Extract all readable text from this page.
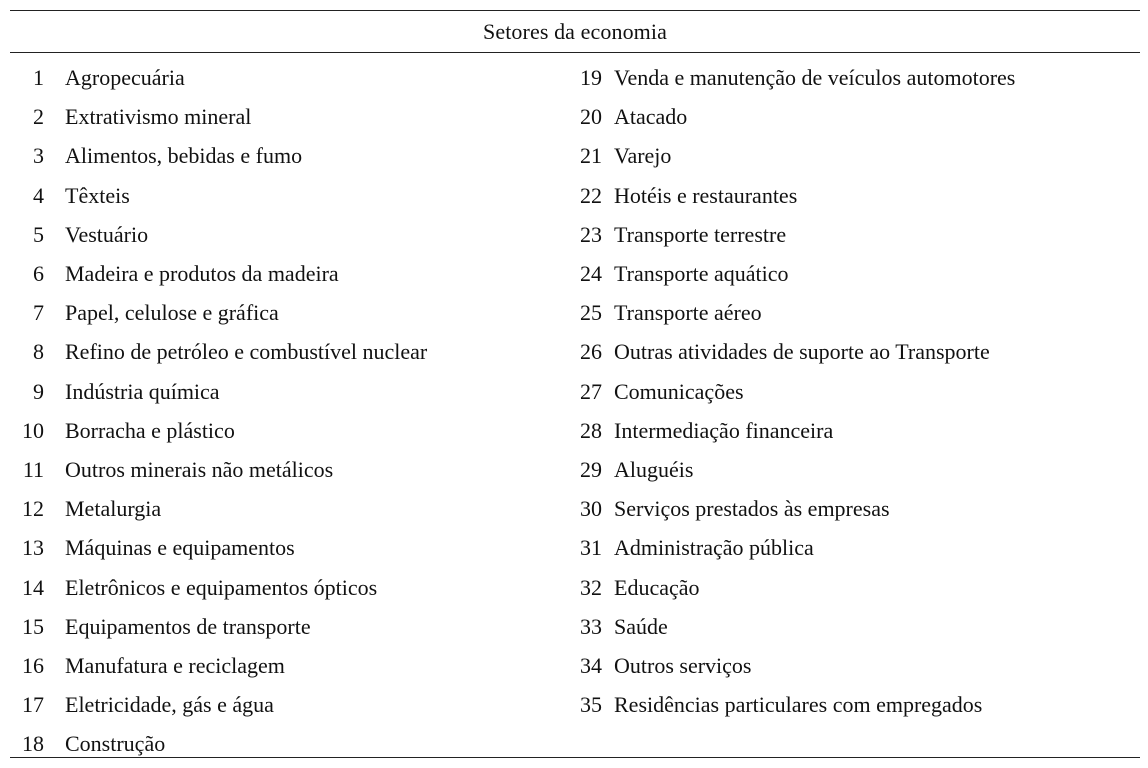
Setores da economia
1 Agropecuária
2 Extrativismo mineral
3 Alimentos, bebidas e fumo
4 Têxteis
5 Vestuário
6 Madeira e produtos da madeira
7 Papel, celulose e gráfica
8 Refino de petróleo e combustível nuclear
9 Indústria química
10 Borracha e plástico
11 Outros minerais não metálicos
12 Metalurgia
13 Máquinas e equipamentos
14 Eletrônicos e equipamentos ópticos
15 Equipamentos de transporte
16 Manufatura e reciclagem
17 Eletricidade, gás e água
18 Construção
19 Venda e manutenção de veículos automotores
20 Atacado
21 Varejo
22 Hotéis e restaurantes
23 Transporte terrestre
24 Transporte aquático
25 Transporte aéreo
26 Outras atividades de suporte ao Transporte
27 Comunicações
28 Intermediação financeira
29 Aluguéis
30 Serviços prestados às empresas
31 Administração pública
32 Educação
33 Saúde
34 Outros serviços
35 Residências particulares com empregados
